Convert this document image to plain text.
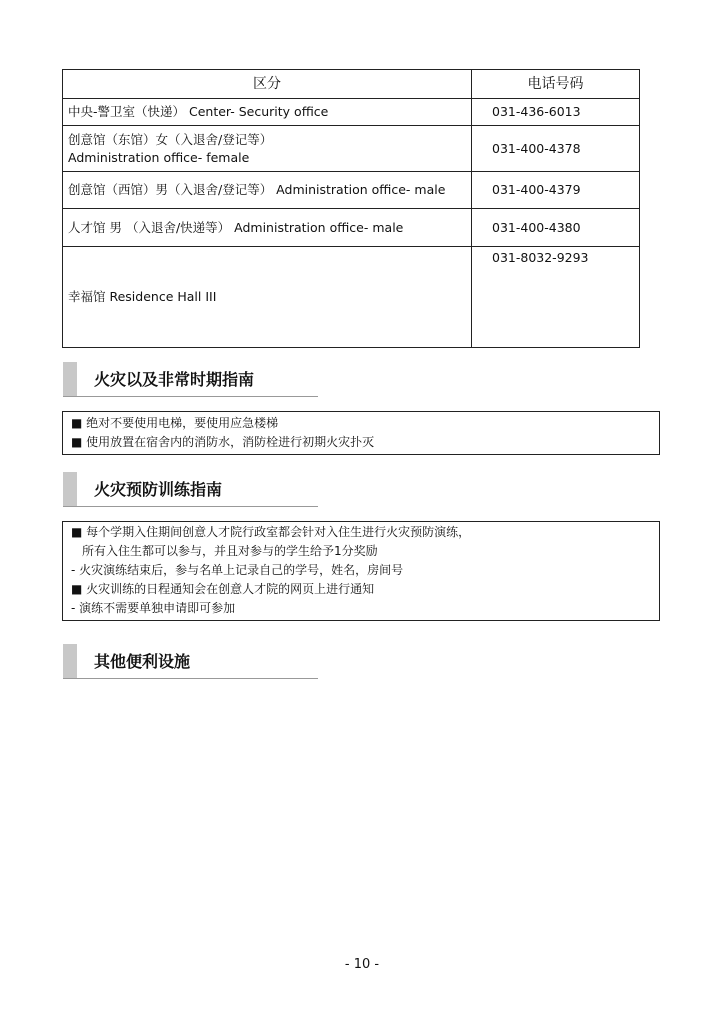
区分	电话号码
中央-警卫室（快递） Center- Security office	031-436-6013

创意馆（东馆）女（入退舍/登记等）
Administration office- female	031-400-4378
创意馆（西馆）男（入退舍/登记等） Administration office- male	031-400-4379
人才馆 男 （入退舍/快递等） Administration office- male	031-400-4380
幸福馆 Residence Hall III	031-8032-9293
火灾以及非常时期指南
■ 绝对不要使用电梯，要使用应急楼梯
■ 使用放置在宿舍内的消防水，消防栓进行初期火灾扑灭
火灾预防训练指南
■ 每个学期入住期间创意人才院行政室都会针对入住生进行火灾预防演练，
所有入住生都可以参与，并且对参与的学生给予1分奖励
- 火灾演练结束后，参与名单上记录自己的学号，姓名，房间号
■ 火灾训练的日程通知会在创意人才院的网页上进行通知
- 演练不需要单独申请即可参加
其他便利设施
- 10 -
